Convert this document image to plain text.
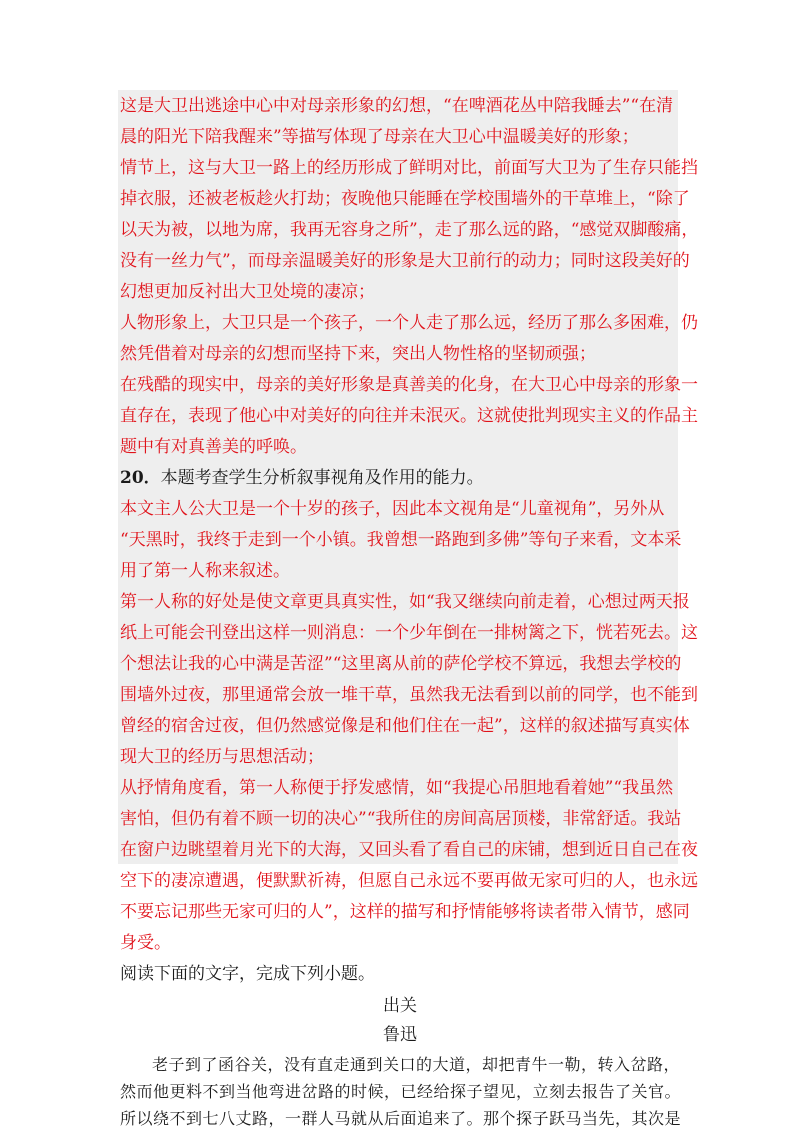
这是大卫出逃途中心中对母亲形象的幻想，“在啤酒花丛中陪我睡去”“在清
晨的阳光下陪我醒来”等描写体现了母亲在大卫心中温暖美好的形象；
情节上，这与大卫一路上的经历形成了鲜明对比，前面写大卫为了生存只能挡
掉衣服，还被老板趁火打劫；夜晚他只能睡在学校围墙外的干草堆上，“除了
以天为被，以地为席，我再无容身之所”，走了那么远的路，“感觉双脚酸痛，
没有一丝力气”，而母亲温暖美好的形象是大卫前行的动力；同时这段美好的
幻想更加反衬出大卫处境的凄凉；
人物形象上，大卫只是一个孩子，一个人走了那么远，经历了那么多困难，仍
然凭借着对母亲的幻想而坚持下来，突出人物性格的坚韧顽强；
在残酷的现实中，母亲的美好形象是真善美的化身，在大卫心中母亲的形象一
直存在，表现了他心中对美好的向往并未泯灭。这就使批判现实主义的作品主
题中有对真善美的呼唤。
20．本题考查学生分析叙事视角及作用的能力。
本文主人公大卫是一个十岁的孩子，因此本文视角是“儿童视角”，另外从
“天黑时，我终于走到一个小镇。我曾想一路跑到多佛”等句子来看，文本采
用了第一人称来叙述。
第一人称的好处是使文章更具真实性，如“我又继续向前走着，心想过两天报
纸上可能会刊登出这样一则消息：一个少年倒在一排树篱之下，恍若死去。这
个想法让我的心中满是苦涩”“这里离从前的萨伦学校不算远，我想去学校的
围墙外过夜，那里通常会放一堆干草，虽然我无法看到以前的同学，也不能到
曾经的宿舍过夜，但仍然感觉像是和他们住在一起”，这样的叙述描写真实体
现大卫的经历与思想活动；
从抒情角度看，第一人称便于抒发感情，如“我提心吊胆地看着她”“我虽然
害怕，但仍有着不顾一切的决心”“我所住的房间高居顶楼，非常舒适。我站
在窗户边眺望着月光下的大海，又回头看了看自己的床铺，想到近日自己在夜
空下的凄凉遭遇，便默默祈祷，但愿自己永远不要再做无家可归的人，也永远
不要忘记那些无家可归的人”，这样的描写和抒情能够将读者带入情节，感同
身受。
阅读下面的文字，完成下列小题。
出关
鲁迅
老子到了函谷关，没有直走通到关口的大道，却把青牛一勒，转入岔路，
然而他更料不到当他弯进岔路的时候，已经给探子望见，立刻去报告了关官。
所以绕不到七八丈路，一群人马就从后面追来了。那个探子跃马当先，其次是
